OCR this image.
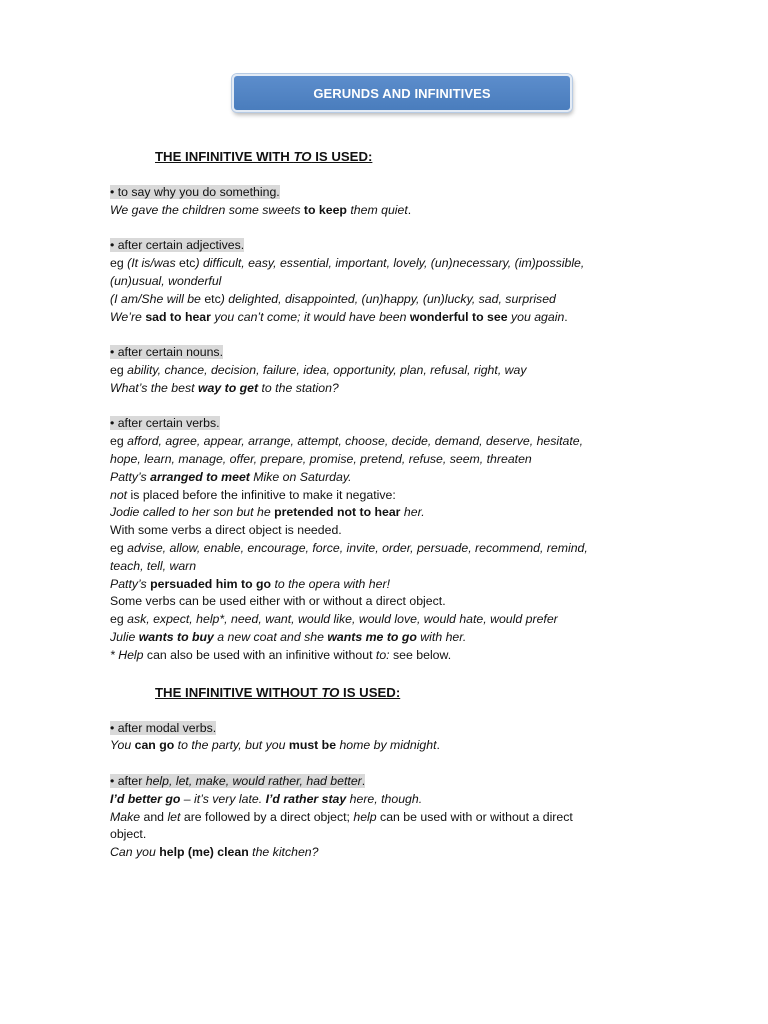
GERUNDS AND INFINITIVES
THE INFINITIVE WITH TO IS USED:
• to say why you do something.
We gave the children some sweets to keep them quiet.
• after certain adjectives.
eg (It is/was etc) difficult, easy, essential, important, lovely, (un)necessary, (im)possible,
(un)usual, wonderful
(I am/She will be etc) delighted, disappointed, (un)happy, (un)lucky, sad, surprised
We’re sad to hear you can’t come; it would have been wonderful to see you again.
• after certain nouns.
eg ability, chance, decision, failure, idea, opportunity, plan, refusal, right, way
What’s the best way to get to the station?
• after certain verbs.
eg afford, agree, appear, arrange, attempt, choose, decide, demand, deserve, hesitate,
hope, learn, manage, offer, prepare, promise, pretend, refuse, seem, threaten
Patty’s arranged to meet Mike on Saturday.
not is placed before the infinitive to make it negative:
Jodie called to her son but he pretended not to hear her.
With some verbs a direct object is needed.
eg advise, allow, enable, encourage, force, invite, order, persuade, recommend, remind,
teach, tell, warn
Patty’s persuaded him to go to the opera with her!
Some verbs can be used either with or without a direct object.
eg ask, expect, help*, need, want, would like, would love, would hate, would prefer
Julie wants to buy a new coat and she wants me to go with her.
* Help can also be used with an infinitive without to: see below.
THE INFINITIVE WITHOUT TO IS USED:
• after modal verbs.
You can go to the party, but you must be home by midnight.
• after help, let, make, would rather, had better.
I’d better go – it’s very late. I’d rather stay here, though.
Make and let are followed by a direct object; help can be used with or without a direct
object.
Can you help (me) clean the kitchen?
